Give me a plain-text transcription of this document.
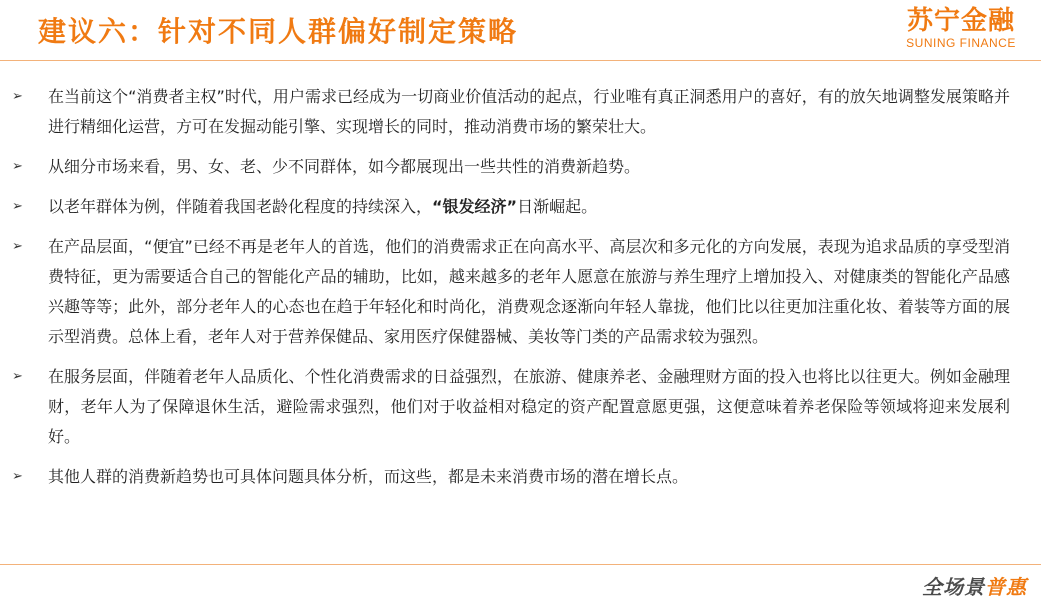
建议六：针对不同人群偏好制定策略	苏宁金融
SUNING FINANCE
➢	在当前这个“消费者主权”时代，用户需求已经成为一切商业价值活动的起点，行业唯有真正洞悉用户的喜好，有的放矢地调整发展策略并进行精细化运营，方可在发掘动能引擎、实现增长的同时，推动消费市场的繁荣壮大。
➢	从细分市场来看，男、女、老、少不同群体，如今都展现出一些共性的消费新趋势。
➢	以老年群体为例，伴随着我国老龄化程度的持续深入，“银发经济”日渐崛起。
➢	在产品层面，“便宜”已经不再是老年人的首选，他们的消费需求正在向高水平、高层次和多元化的方向发展，表现为追求品质的享受型消费特征，更为需要适合自己的智能化产品的辅助，比如，越来越多的老年人愿意在旅游与养生理疗上增加投入、对健康类的智能化产品感兴趣等等；此外，部分老年人的心态也在趋于年轻化和时尚化，消费观念逐渐向年轻人靠拢，他们比以往更加注重化妆、着装等方面的展示型消费。总体上看，老年人对于营养保健品、家用医疗保健器械、美妆等门类的产品需求较为强烈。
➢	在服务层面，伴随着老年人品质化、个性化消费需求的日益强烈，在旅游、健康养老、金融理财方面的投入也将比以往更大。例如金融理财，老年人为了保障退休生活，避险需求强烈，他们对于收益相对稳定的资产配置意愿更强，这便意味着养老保险等领域将迎来发展利好。
➢	其他人群的消费新趋势也可具体问题具体分析，而这些，都是未来消费市场的潜在增长点。
全场景普惠
